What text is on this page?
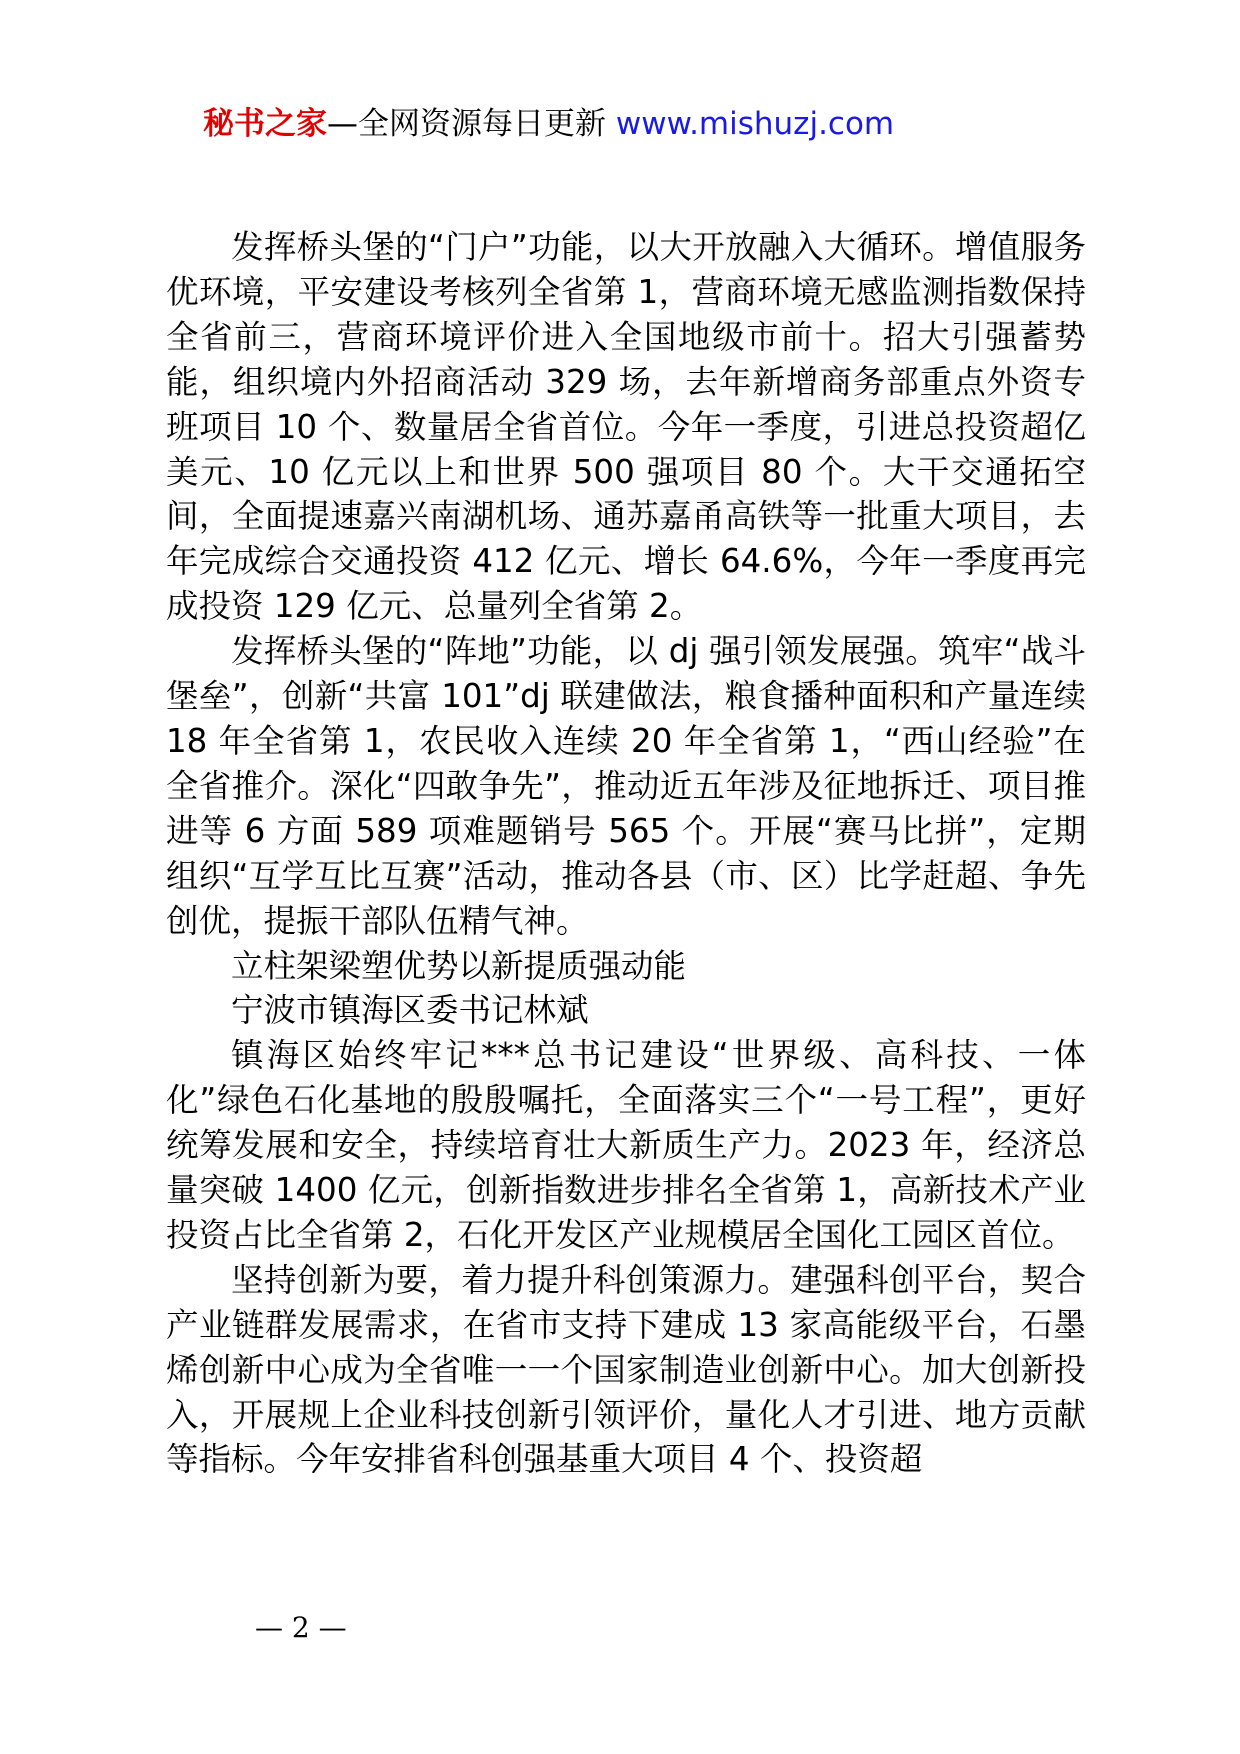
秘书之家—全网资源每日更新 www.mishuzj.com

发挥桥头堡的“门户”功能，以大开放融入大循环。增值服务优环境，平安建设考核列全省第 1，营商环境无感监测指数保持全省前三，营商环境评价进入全国地级市前十。招大引强蓄势能，组织境内外招商活动 329 场，去年新增商务部重点外资专班项目 10 个、数量居全省首位。今年一季度，引进总投资超亿美元、10 亿元以上和世界 500 强项目 80 个。大干交通拓空间，全面提速嘉兴南湖机场、通苏嘉甬高铁等一批重大项目，去年完成综合交通投资 412 亿元、增长 64.6%，今年一季度再完成投资 129 亿元、总量列全省第 2。

发挥桥头堡的“阵地”功能，以 dj 强引领发展强。筑牢“战斗堡垒”，创新“共富 101”dj 联建做法，粮食播种面积和产量连续 18 年全省第 1，农民收入连续 20 年全省第 1，“西山经验”在全省推介。深化“四敢争先”，推动近五年涉及征地拆迁、项目推进等 6 方面 589 项难题销号 565 个。开展“赛马比拼”，定期组织“互学互比互赛”活动，推动各县（市、区）比学赶超、争先创优，提振干部队伍精气神。

立柱架梁塑优势以新提质强动能

宁波市镇海区委书记林斌

镇海区始终牢记***总书记建设“世界级、高科技、一体化”绿色石化基地的殷殷嘱托，全面落实三个“一号工程”，更好统筹发展和安全，持续培育壮大新质生产力。2023 年，经济总量突破 1400 亿元，创新指数进步排名全省第 1，高新技术产业投资占比全省第 2，石化开发区产业规模居全国化工园区首位。

坚持创新为要，着力提升科创策源力。建强科创平台，契合产业链群发展需求，在省市支持下建成 13 家高能级平台，石墨烯创新中心成为全省唯一一个国家制造业创新中心。加大创新投入，开展规上企业科技创新引领评价，量化人才引进、地方贡献等指标。今年安排省科创强基重大项目 4 个、投资超

— 2 —
